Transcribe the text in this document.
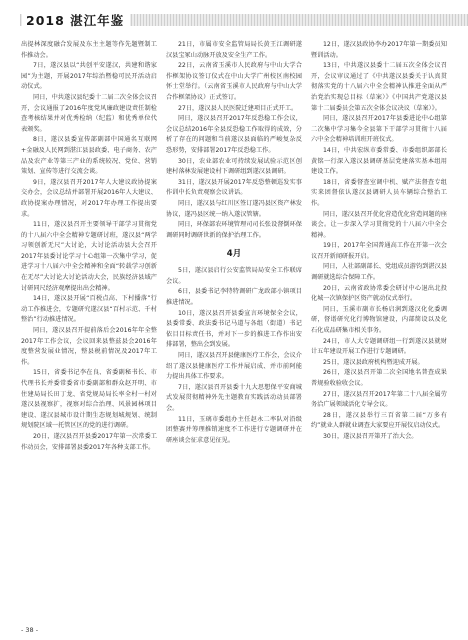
2018 湛江年鉴

出提林深度融合发展及东主主题等作先题暨制工作推动会。

7日，遂汉县以“共创平安遂汉，共建和谐家园”为主题，开展2017年综治暨稳可民开活动启动仪式。

同日，中共遂汉县纪委十二届二次全体会议召开，会议通报了2016年度党风廉政建设责任制检查考核结果并对优秀检纳（纪监）和优秀单位代表颁奖。

8日，遂汉县委宣传部副部中国通名互联网+金融及人民网到湛江县县政委、电子商务、农产品及农产业等第三产业的系统较况、党位、营销策划、宣传等进行交流会谈。

9日，遂汉县召开2017年人大建议政协提案交办会，会议总结并部署开展2016年人大建议、政协提案办理情况，对2017年办理工作提出要求。

11日，遂汉县召开主要领导干部学习贯彻党的十八届六中全会精神专题研讨班，遂汉县“两学习领创新无尺”大讨论，大讨论活动县大会召开2017年县委讨论学习十心组第一次集中学习，促进学习十八届六中全会精神和全面“转载学习创新在无尽”大讨论大讨论活动大会，民族经济县域产讨研同尺经济观摩提出出会精神。

14日，遂汉县开展“百税点高、下村播落”行动工作推进会，专题研究遂汉县“百村示范、千村整治”行动推进情况。

同日，遂汉县召开提前落后会2016年年全整2017年工作会议，会议回来县整兹县会2016年度整营发展业情况，整县税前情况及2017年工作。

15日，省委书记李在良、省委副秘书长、市代理书长并委常委省市委副部和群众赵开明、市住建局局长田丁龙、省党规局局长率全村一村对遂汉县视察扩，视察对综合治理、风景园林项目建设、遂汉县城市设计期生态规划城规划、统制规划院区域一托管区区的党的进行调研。

20日，遂汉县召开县委2017年第一次常委工作动员会，安排部署县委2017年各种支部工作。

21日，市属市安全监管局局长黄王江调研遂汉县宝冢山动脉开放及安全生产工作。

22日，云南省玉溪市人民政府与中山大学合作框架协议签订仪式在中山大学广州校区南校园怀士堂举行。（云南省玉溪市人民政府与中山大学合作框架协议）正式签订。

27日，遂汉县人民医院迁建项目正式开工。

同日，遂汉县召开2017年反恐稳工作会议，会议总结2016年全县反恐稳工作取得的成效，分析了存在的问题和当前遂汉县面临的严峻复杂反恐形势，安排部署2017年反恐稳工作。

30日，农业部农业可持续发展试验示范区创建村落林发展建设村下调研组到遂汉县调研。

31日，遂汉县开展2017年反恐整顿巡发实事作训中长负责观察会议讲话。

同日，遂汉县与红川区签订遂冯县区资产林发协议，遂冯县区统一纳入遂汉管辖。

同日，环保部农环境管理司司长张设督倒环保调研同时调研世新的保护治理工作。

4月

5日，遂汉县启行公安监管局局安全工作联席会议。

6日，县委书记李特特调研广龙政部小镇项目推进情况。

10日，遂汉县召开县委宣言环境保全会议，县委常委、政法委书记马道与各组（街道）书记依目目标责任书，并对下一步的推进工作作出安排部署，整出会到发展。

同日，遂汉县召开县健康医疗工作会，会议介绍了遂汉县健康医疗工作并展启成、并市前阿能力提出具体工作要求。

7日，遂汉县召开县委十九大思想保平安商城式发展贯彻精神外先主题教育实践活动动员部署会。

11日，玉璃市委组办主任赵永二率队对沿级团整赛并筹理推销速度不工作进行专题调研并在研座谈会征求意见征见。

12日，遂汉县政协李办2017年第一期委员知暨训活动。

13日，中共遂汉县委十二届五次全体会议召开，会议审议通过了《中共遂汉县委关于认真贯彻落实党的十八届六中全会精神认推进全面从严治党治实现总目标（草案）》《中国共产党遂汉县第十二届委员会第五次全体会议决议（草案）》。

同日，遂汉县召开2017年县委进论中心组第二次集中学习集今全县第下干部学习贯彻十八届六中全会精神培训班开班仪式。

14日，中共宏纵市委常委、市委组织部部长黄铭一行深入遂汉县调研基层党建落实基本组用建设工作。

18日，省委督查室调中机、赋产法督查专组实来团督依认遂汉县调研人员车辆综合整治工作。

同日，遂汉县召开优化营造优化营造问题的座谈会。让一步深入学习贯彻党的十八届六中全会精神。

19日，2017年全国普通高工作在开第一次会议召开新闻研报开启。

同日，人社部副部长、党组成员游钧到湛汉县调研就选综合保障工作。

20日，云南省政协常委会研讨中心退出北投化城一次镇保护区资产就动仪式举行。

同日，玉溪市副市长杨启润到遂汉化化委调研，督谱研究化行博物馆建设，内部简设以及化石化成品研集市相关事务。

24日，市人大专题调研组一行到遂汉县就财计五年建设开展工作进行专题调研。

25日，遂汉县政府机构暨迎成开展。

26日，遂汉县召开第二次全国地名普查成果普规验收验收会议。

27日，遂汉县召开2017年第二十八届全属劳务洽广展领域活化专导会议。

28日，遂汉县举行三百省第二届“万多有约”就业人群就业调查大家要应开展仪启动仪式。

30日，遂汉县召开第开了治大会。

- 38 -
